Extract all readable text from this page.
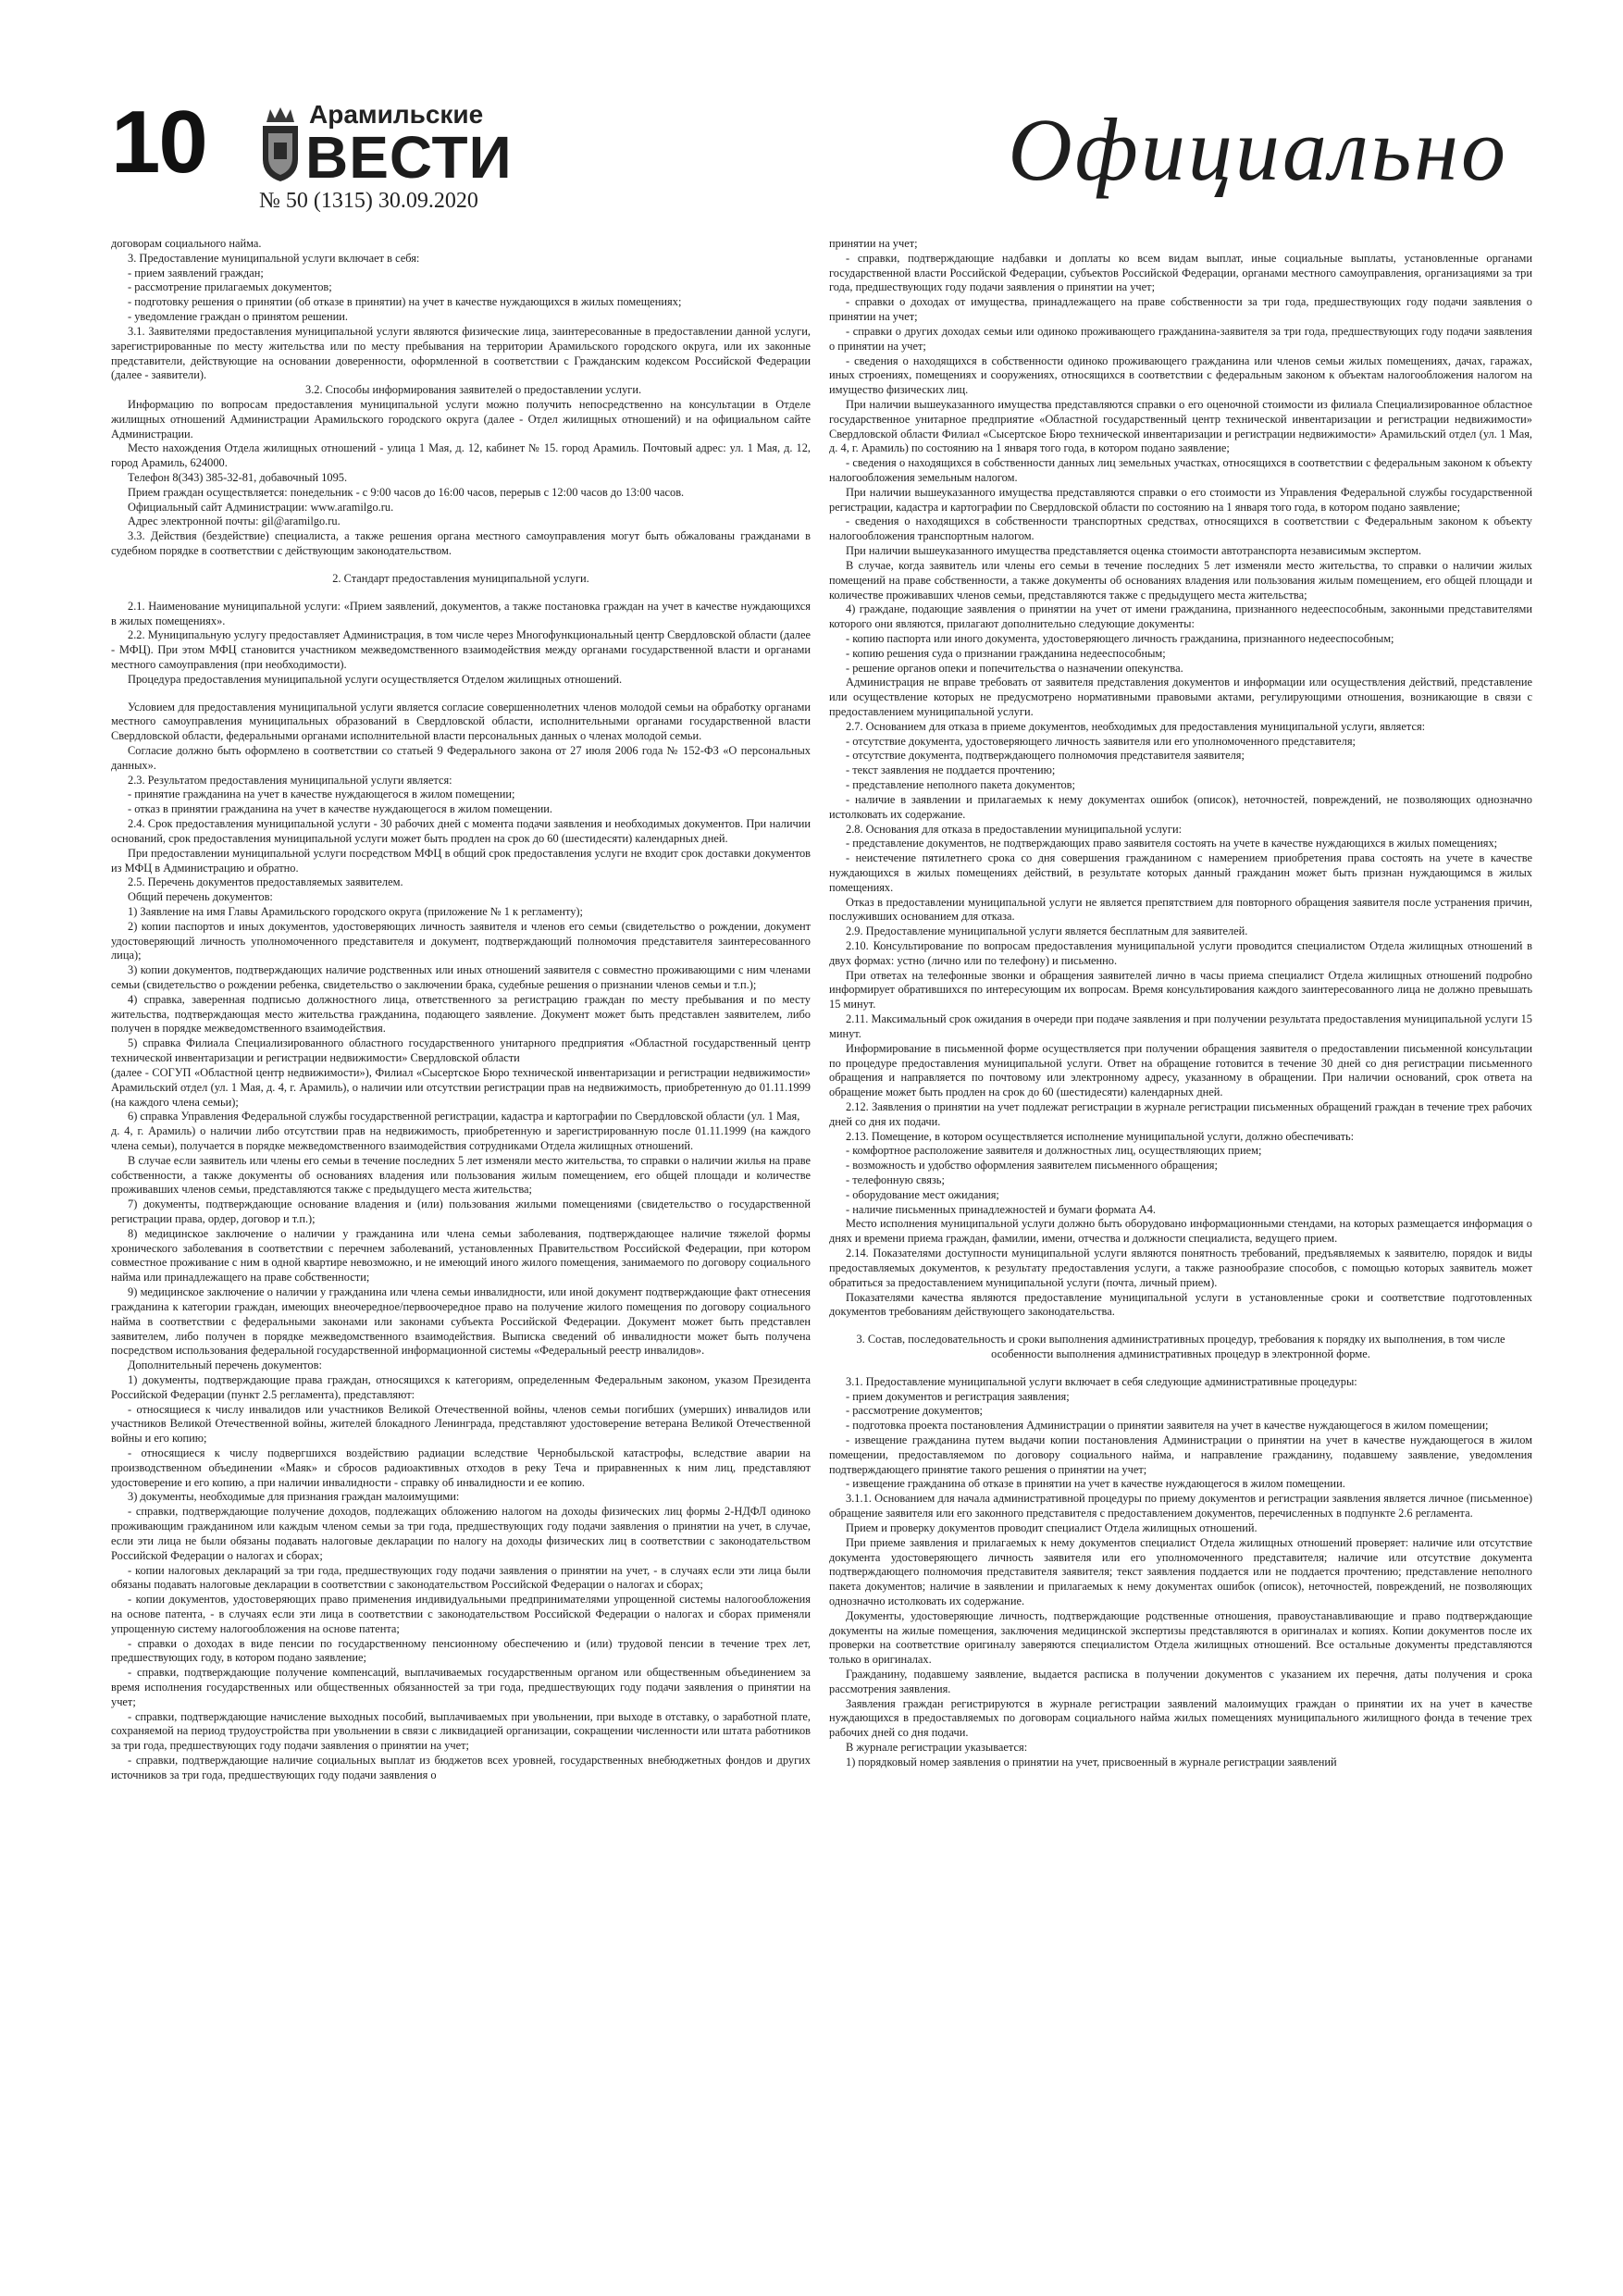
10	Арамильские
ВЕСТИ
№ 50 (1315) 30.09.2020
Официально

договорам социального найма.

3. Предоставление муниципальной услуги включает в себя:

- прием заявлений граждан;

- рассмотрение прилагаемых документов;

- подготовку решения о принятии (об отказе в принятии) на учет в качестве нуждающихся в жилых помещениях;

- уведомление граждан о принятом решении.

3.1. Заявителями предоставления муниципальной услуги являются физические лица, заинтересованные в предоставлении данной услуги, зарегистрированные по месту жительства или по месту пребывания на территории Арамильского городского округа, или их законные представители, действующие на основании доверенности, оформленной в соответствии с Гражданским кодексом Российской Федерации (далее - заявители).

3.2. Способы информирования заявителей о предоставлении услуги.

Информацию по вопросам предоставления муниципальной услуги можно получить непосредственно на консультации в Отделе жилищных отношений Администрации Арамильского городского округа (далее - Отдел жилищных отношений) и на официальном сайте Администрации.

Место нахождения Отдела жилищных отношений - улица 1 Мая, д. 12, кабинет № 15. город Арамиль. Почтовый адрес: ул. 1 Мая, д. 12, город Арамиль, 624000.

Телефон 8(343) 385-32-81, добавочный 1095.

Прием граждан осуществляется: понедельник - с 9:00 часов до 16:00 часов, перерыв с 12:00 часов до 13:00 часов.

Официальный сайт Администрации: www.aramilgo.ru.

Адрес электронной почты: gil@aramilgo.ru.

3.3. Действия (бездействие) специалиста, а также решения органа местного самоуправления могут быть обжалованы гражданами в судебном порядке в соответствии с действующим законодательством.

2. Стандарт предоставления муниципальной услуги.

2.1. Наименование муниципальной услуги: «Прием заявлений, документов, а также постановка граждан на учет в качестве нуждающихся в жилых помещениях».

2.2. Муниципальную услугу предоставляет Администрация, в том числе через Многофункциональный центр Свердловской области (далее - МФЦ). При этом МФЦ становится участником межведомственного взаимодействия между органами государственной власти и органами местного самоуправления (при необходимости).

Процедура предоставления муниципальной услуги осуществляется Отделом жилищных отношений.

Условием для предоставления муниципальной услуги является согласие совершеннолетних членов молодой семьи на обработку органами местного самоуправления муниципальных образований в Свердловской области, исполнительными органами государственной власти Свердловской области, федеральными органами исполнительной власти персональных данных о членах молодой семьи.

Согласие должно быть оформлено в соответствии со статьей 9 Федерального закона от 27 июля 2006 года № 152-ФЗ «О персональных данных».

2.3. Результатом предоставления муниципальной услуги является:

- принятие гражданина на учет в качестве нуждающегося в жилом помещении;

- отказ в принятии гражданина на учет в качестве нуждающегося в жилом помещении.

2.4. Срок предоставления муниципальной услуги - 30 рабочих дней с момента подачи заявления и необходимых документов. При наличии оснований, срок предоставления муниципальной услуги может быть продлен на срок до 60 (шестидесяти) календарных дней.

При предоставлении муниципальной услуги посредством МФЦ в общий срок предоставления услуги не входит срок доставки документов из МФЦ в Администрацию и обратно.

2.5. Перечень документов предоставляемых заявителем.

Общий перечень документов:

1) Заявление на имя Главы Арамильского городского округа (приложение № 1 к регламенту);

2) копии паспортов и иных документов, удостоверяющих личность заявителя и членов его семьи (свидетельство о рождении, документ удостоверяющий личность уполномоченного представителя и документ, подтверждающий полномочия представителя заинтересованного лица);

3) копии документов, подтверждающих наличие родственных или иных отношений заявителя с совместно проживающими с ним членами семьи (свидетельство о рождении ребенка, свидетельство о заключении брака, судебные решения о признании членов семьи и т.п.);

4) справка, заверенная подписью должностного лица, ответственного за регистрацию граждан по месту пребывания и по месту жительства, подтверждающая место жительства гражданина, подающего заявление. Документ может быть представлен заявителем, либо получен в порядке межведомственного взаимодействия.

5) справка Филиала Специализированного областного государственного унитарного предприятия «Областной государственный центр технической инвентаризации и регистрации недвижимости» Свердловской области

(далее - СОГУП «Областной центр недвижимости»), Филиал «Сысертское Бюро технической инвентаризации и регистрации недвижимости» Арамильский отдел (ул. 1 Мая, д. 4, г. Арамиль), о наличии или отсутствии регистрации прав на недвижимость, приобретенную до 01.11.1999 (на каждого члена семьи);

6) справка Управления Федеральной службы государственной регистрации, кадастра и картографии по Свердловской области (ул. 1 Мая,

д. 4, г. Арамиль) о наличии либо отсутствии прав на недвижимость, приобретенную и зарегистрированную после 01.11.1999 (на каждого члена семьи), получается в порядке межведомственного взаимодействия сотрудниками Отдела жилищных отношений.

В случае если заявитель или члены его семьи в течение последних 5 лет изменяли место жительства, то справки о наличии жилья на праве собственности, а также документы об основаниях владения или пользования жилым помещением, его общей площади и количестве проживавших членов семьи, представляются также с предыдущего места жительства;

7) документы, подтверждающие основание владения и (или) пользования жилыми помещениями (свидетельство о государственной регистрации права, ордер, договор и т.п.);

8) медицинское заключение о наличии у гражданина или члена семьи заболевания, подтверждающее наличие тяжелой формы хронического заболевания в соответствии с перечнем заболеваний, установленных Правительством Российской Федерации, при котором совместное проживание с ним в одной квартире невозможно, и не имеющий иного жилого помещения, занимаемого по договору социального найма или принадлежащего на праве собственности;

9) медицинское заключение о наличии у гражданина или члена семьи инвалидности, или иной документ подтверждающие факт отнесения гражданина к категории граждан, имеющих внеочередное/первоочередное право на получение жилого помещения по договору социального найма в соответствии с федеральными законами или законами субъекта Российской Федерации. Документ может быть представлен заявителем, либо получен в порядке межведомственного взаимодействия. Выписка сведений об инвалидности может быть получена посредством использования федеральной государственной информационной системы «Федеральный реестр инвалидов».

Дополнительный перечень документов:

1) документы, подтверждающие права граждан, относящихся к категориям, определенным Федеральным законом, указом Президента Российской Федерации (пункт 2.5 регламента), представляют:

- относящиеся к числу инвалидов или участников Великой Отечественной войны, членов семьи погибших (умерших) инвалидов или участников Великой Отечественной войны, жителей блокадного Ленинграда, представляют удостоверение ветерана Великой Отечественной войны и его копию;

- относящиеся к числу подвергшихся воздействию радиации вследствие Чернобыльской катастрофы, вследствие аварии на производственном объединении «Маяк» и сбросов радиоактивных отходов в реку Теча и приравненных к ним лиц, представляют удостоверение и его копию, а при наличии инвалидности - справку об инвалидности и ее копию.

3) документы, необходимые для признания граждан малоимущими:

- справки, подтверждающие получение доходов, подлежащих обложению налогом на доходы физических лиц формы 2-НДФЛ одиноко проживающим гражданином или каждым членом семьи за три года, предшествующих году подачи заявления о принятии на учет, в случае, если эти лица не были обязаны подавать налоговые декларации по налогу на доходы физических лиц в соответствии с законодательством Российской Федерации о налогах и сборах;

- копии налоговых деклараций за три года, предшествующих году подачи заявления о принятии на учет, - в случаях если эти лица были обязаны подавать налоговые декларации в соответствии с законодательством Российской Федерации о налогах и сборах;

- копии документов, удостоверяющих право применения индивидуальными предпринимателями упрощенной системы налогообложения на основе патента, - в случаях если эти лица в соответствии с законодательством Российской Федерации о налогах и сборах применяли упрощенную систему налогообложения на основе патента;

- справки о доходах в виде пенсии по государственному пенсионному обеспечению и (или) трудовой пенсии в течение трех лет, предшествующих году, в котором подано заявление;

- справки, подтверждающие получение компенсаций, выплачиваемых государственным органом или общественным объединением за время исполнения государственных или общественных обязанностей за три года, предшествующих году подачи заявления о принятии на учет;

- справки, подтверждающие начисление выходных пособий, выплачиваемых при увольнении, при выходе в отставку, о заработной плате, сохраняемой на период трудоустройства при увольнении в связи с ликвидацией организации, сокращении численности или штата работников за три года, предшествующих году подачи заявления о принятии на учет;

- справки, подтверждающие наличие социальных выплат из бюджетов всех уровней, государственных внебюджетных фондов и других источников за три года, предшествующих году подачи заявления о

принятии на учет;

- справки, подтверждающие надбавки и доплаты ко всем видам выплат, иные социальные выплаты, установленные органами государственной власти Российской Федерации, субъектов Российской Федерации, органами местного самоуправления, организациями за три года, предшествующих году подачи заявления о принятии на учет;

- справки о доходах от имущества, принадлежащего на праве собственности за три года, предшествующих году подачи заявления о принятии на учет;

- справки о других доходах семьи или одиноко проживающего гражданина-заявителя за три года, предшествующих году подачи заявления о принятии на учет;

- сведения о находящихся в собственности одиноко проживающего гражданина или членов семьи жилых помещениях, дачах, гаражах, иных строениях, помещениях и сооружениях, относящихся в соответствии с федеральным законом к объектам налогообложения налогом на имущество физических лиц.

При наличии вышеуказанного имущества представляются справки о его оценочной стоимости из филиала Специализированное областное государственное унитарное предприятие «Областной государственный центр технической инвентаризации и регистрации недвижимости» Свердловской области Филиал «Сысертское Бюро технической инвентаризации и регистрации недвижимости» Арамильский отдел (ул. 1 Мая, д. 4, г. Арамиль) по состоянию на 1 января того года, в котором подано заявление;

- сведения о находящихся в собственности данных лиц земельных участках, относящихся в соответствии с федеральным законом к объекту налогообложения земельным налогом.

При наличии вышеуказанного имущества представляются справки о его стоимости из Управления Федеральной службы государственной регистрации, кадастра и картографии по Свердловской области по состоянию на 1 января того года, в котором подано заявление;

- сведения о находящихся в собственности транспортных средствах, относящихся в соответствии с Федеральным законом к объекту налогообложения транспортным налогом.

При наличии вышеуказанного имущества представляется оценка стоимости автотранспорта независимым экспертом.

В случае, когда заявитель или члены его семьи в течение последних 5 лет изменяли место жительства, то справки о наличии жилых помещений на праве собственности, а также документы об основаниях владения или пользования жилым помещением, его общей площади и количестве проживавших членов семьи, представляются также с предыдущего места жительства;

4) граждане, подающие заявления о принятии на учет от имени гражданина, признанного недееспособным, законными представителями которого они являются, прилагают дополнительно следующие документы:

- копию паспорта или иного документа, удостоверяющего личность гражданина, признанного недееспособным;

- копию решения суда о признании гражданина недееспособным;

- решение органов опеки и попечительства о назначении опекунства.

Администрация не вправе требовать от заявителя представления документов и информации или осуществления действий, представление или осуществление которых не предусмотрено нормативными правовыми актами, регулирующими отношения, возникающие в связи с предоставлением муниципальной услуги.

2.7. Основанием для отказа в приеме документов, необходимых для предоставления муниципальной услуги, является:

- отсутствие документа, удостоверяющего личность заявителя или его уполномоченного представителя;

- отсутствие документа, подтверждающего полномочия представителя заявителя;

- текст заявления не поддается прочтению;

- представление неполного пакета документов;

- наличие в заявлении и прилагаемых к нему документах ошибок (описок), неточностей, повреждений, не позволяющих однозначно истолковать их содержание.

2.8. Основания для отказа в предоставлении муниципальной услуги:

- представление документов, не подтверждающих право заявителя состоять на учете в качестве нуждающихся в жилых помещениях;

- неистечение пятилетнего срока со дня совершения гражданином с намерением приобретения права состоять на учете в качестве нуждающихся в жилых помещениях действий, в результате которых данный гражданин может быть признан нуждающимся в жилых помещениях.

Отказ в предоставлении муниципальной услуги не является препятствием для повторного обращения заявителя после устранения причин, послуживших основанием для отказа.

2.9. Предоставление муниципальной услуги является бесплатным для заявителей.

2.10. Консультирование по вопросам предоставления муниципальной услуги проводится специалистом Отдела жилищных отношений в двух формах: устно (лично или по телефону) и письменно.

При ответах на телефонные звонки и обращения заявителей лично в часы приема специалист Отдела жилищных отношений подробно информирует обратившихся по интересующим их вопросам. Время консультирования каждого заинтересованного лица не должно превышать 15 минут.

2.11. Максимальный срок ожидания в очереди при подаче заявления и при получении результата предоставления муниципальной услуги 15 минут.

Информирование в письменной форме осуществляется при получении обращения заявителя о предоставлении письменной консультации по процедуре предоставления муниципальной услуги. Ответ на обращение готовится в течение 30 дней со дня регистрации письменного обращения и направляется по почтовому или электронному адресу, указанному в обращении. При наличии оснований, срок ответа на обращение может быть продлен на срок до 60 (шестидесяти) календарных дней.

2.12. Заявления о принятии на учет подлежат регистрации в журнале регистрации письменных обращений граждан в течение трех рабочих дней со дня их подачи.

2.13. Помещение, в котором осуществляется исполнение муниципальной услуги, должно обеспечивать:

- комфортное расположение заявителя и должностных лиц, осуществляющих прием;

- возможность и удобство оформления заявителем письменного обращения;

- телефонную связь;

- оборудование мест ожидания;

- наличие письменных принадлежностей и бумаги формата А4.

Место исполнения муниципальной услуги должно быть оборудовано информационными стендами, на которых размещается информация о днях и времени приема граждан, фамилии, имени, отчества и должности специалиста, ведущего прием.

2.14. Показателями доступности муниципальной услуги являются понятность требований, предъявляемых к заявителю, порядок и виды предоставляемых документов, к результату предоставления услуги, а также разнообразие способов, с помощью которых заявитель может обратиться за предоставлением муниципальной услуги (почта, личный прием).

Показателями качества являются предоставление муниципальной услуги в установленные сроки и соответствие подготовленных документов требованиям действующего законодательства.

3. Состав, последовательность и сроки выполнения административных процедур, требования к порядку их выполнения, в том числе особенности выполнения административных процедур в электронной форме.

3.1. Предоставление муниципальной услуги включает в себя следующие административные процедуры:

- прием документов и регистрация заявления;

- рассмотрение документов;

- подготовка проекта постановления Администрации о принятии заявителя на учет в качестве нуждающегося в жилом помещении;

- извещение гражданина путем выдачи копии постановления Администрации о принятии на учет в качестве нуждающегося в жилом помещении, предоставляемом по договору социального найма, и направление гражданину, подавшему заявление, уведомления подтверждающего принятие такого решения о принятии на учет;

- извещение гражданина об отказе в принятии на учет в качестве нуждающегося в жилом помещении.

3.1.1. Основанием для начала административной процедуры по приему документов и регистрации заявления является личное (письменное) обращение заявителя или его законного представителя с предоставлением документов, перечисленных в подпункте 2.6 регламента.

Прием и проверку документов проводит специалист Отдела жилищных отношений.

При приеме заявления и прилагаемых к нему документов специалист Отдела жилищных отношений проверяет: наличие или отсутствие документа удостоверяющего личность заявителя или его уполномоченного представителя; наличие или отсутствие документа подтверждающего полномочия представителя заявителя; текст заявления поддается или не поддается прочтению; представление неполного пакета документов; наличие в заявлении и прилагаемых к нему документах ошибок (описок), неточностей, повреждений, не позволяющих однозначно истолковать их содержание.

Документы, удостоверяющие личность, подтверждающие родственные отношения, правоустанавливающие и право подтверждающие документы на жилые помещения, заключения медицинской экспертизы представляются в оригиналах и копиях. Копии документов после их проверки на соответствие оригиналу заверяются специалистом Отдела жилищных отношений. Все остальные документы представляются только в оригиналах.

Гражданину, подавшему заявление, выдается расписка в получении документов с указанием их перечня, даты получения и срока рассмотрения заявления.

Заявления граждан регистрируются в журнале регистрации заявлений малоимущих граждан о принятии их на учет в качестве нуждающихся в предоставляемых по договорам социального найма жилых помещениях муниципального жилищного фонда в течение трех рабочих дней со дня подачи.

В журнале регистрации указывается:

1) порядковый номер заявления о принятии на учет, присвоенный в журнале регистрации заявлений
